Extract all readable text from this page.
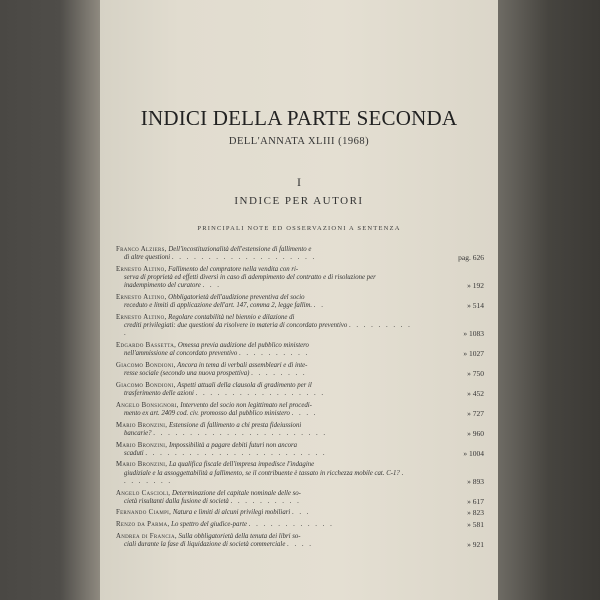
INDICI DELLA PARTE SECONDA
DELL'ANNATA XLIII (1968)
I
INDICE PER AUTORI
PRINCIPALI NOTE ED OSSERVAZIONI A SENTENZA
Franco Alziers, Dell'incostituzionalità dell'estensione di fallimento e
di altre questioni . . . . . . . . . . . . . . . . . . . .	pag. 626
Ernesto Altino, Fallimento del compratore nella vendita con ri-
serva di proprietà ed effetti diversi in caso di adempimento del contratto e di risoluzione per inadempimento del curatore . . .	» 192
Ernesto Altino, Obbligatorietà dell'audizione preventiva del socio
receduto e limiti di applicazione dell'art. 147, comma 2, legge fallim. . .	» 514
Ernesto Altino, Regolare contabilità nel biennio e dilazione di
crediti privilegiati: due questioni da risolvere in materia di concordato preventivo . . . . . . . . . .	» 1083
Edgardo Bassetta, Omessa previa audizione del pubblico ministero
nell'ammissione al concordato preventivo . . . . . . . . . .	» 1027
Giacomo Bondioni, Ancora in tema di verbali assembleari e di inte-
resse sociale (secondo una nuova prospettiva) . . . . . . . .	» 750
Giacomo Bondioni, Aspetti attuali della clausola di gradimento per il
trasferimento delle azioni . . . . . . . . . . . . . . . . . .	» 452
Angelo Bonsignori, Intervento del socio non legittimato nel procedi-
mento ex art. 2409 cod. civ. promosso dal pubblico ministero . . . .	» 727
Mario Bronzini, Estensione di fallimento a chi presta fideiussioni
bancarie? . . . . . . . . . . . . . . . . . . . . . . . .	» 960
Mario Bronzini, Impossibilità a pagare debiti futuri non ancora
scaduti . . . . . . . . . . . . . . . . . . . . . . . . .	» 1004
Mario Bronzini, La qualifica fiscale dell'impresa impedisce l'indagine
giudiziale e la assoggettabilità a fallimento, se il contribuente è tassato in ricchezza mobile cat. C-1? . . . . . . . .	» 893
Angelo Cascioli, Determinazione del capitale nominale delle so-
cietà risultanti dalla fusione di società . . . . . . . . . .	» 617
Fernando Ciampi, Natura e limiti di alcuni privilegi mobiliari . . .	» 823
Renzo da Parma, Lo spettro del giudice-parte . . . . . . . . . . . .	» 581
Andrea di Francia, Sulla obbligatorietà della tenuta dei libri so-
ciali durante la fase di liquidazione di società commerciale . . . .	» 921
